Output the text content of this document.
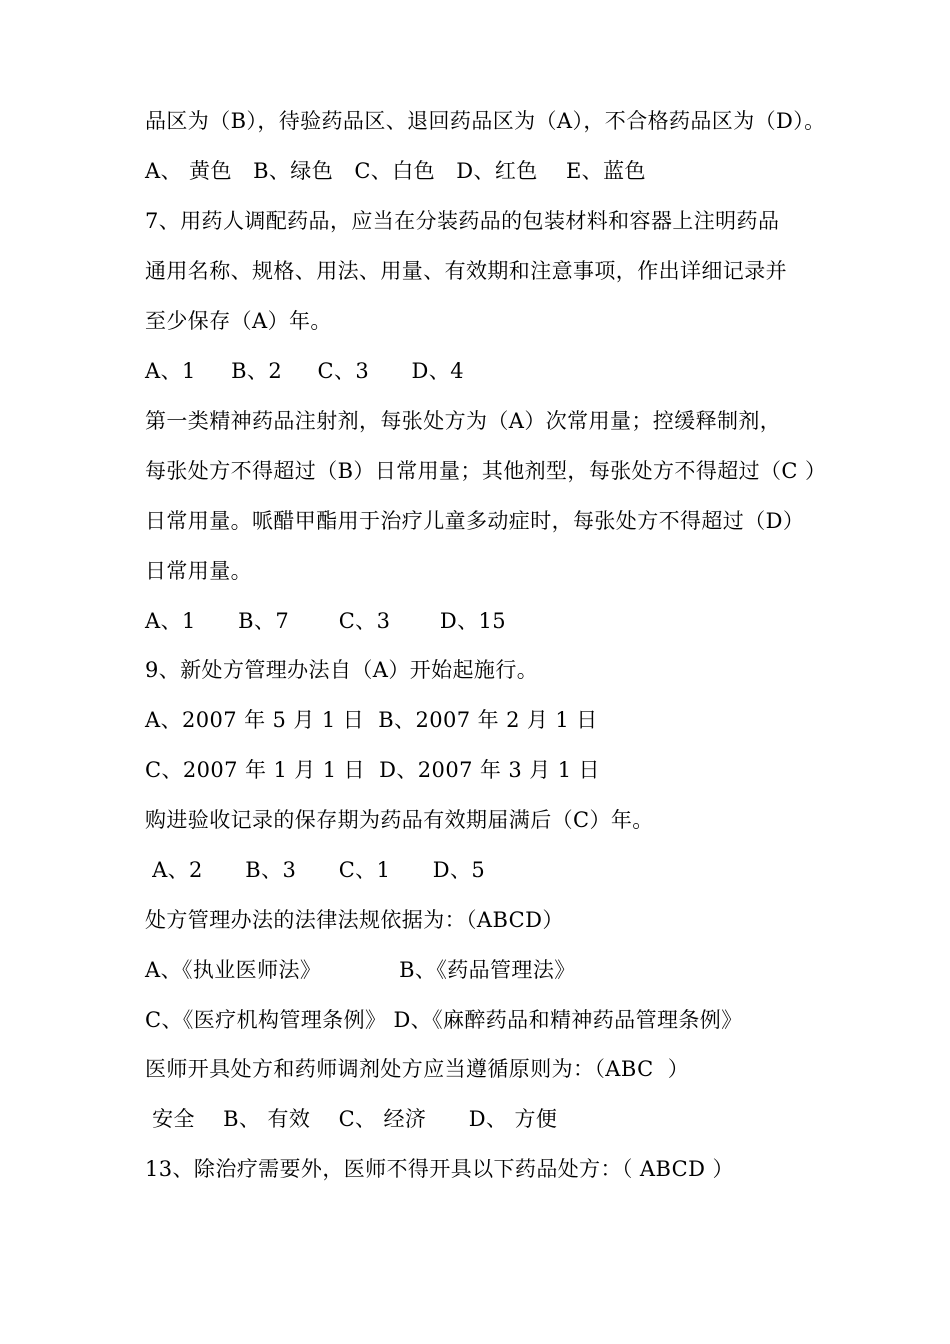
品区为（B），待验药品区、退回药品区为（A），不合格药品区为（D）。
A、 黄色   B、绿色   C、白色   D、红色    E、蓝色
7、用药人调配药品，应当在分装药品的包装材料和容器上注明药品
通用名称、规格、用法、用量、有效期和注意事项，作出详细记录并
至少保存（A）年。
A、1     B、2     C、3      D、4
第一类精神药品注射剂，每张处方为（A）次常用量；控缓释制剂，
每张处方不得超过（B）日常用量；其他剂型，每张处方不得超过（C ）
日常用量。哌醋甲酯用于治疗儿童多动症时，每张处方不得超过（D）
日常用量。
A、1      B、7       C、3       D、15
9、新处方管理办法自（A）开始起施行。
A、2007 年 5 月 1 日  B、2007 年 2 月 1 日
C、2007 年 1 月 1 日  D、2007 年 3 月 1 日
购进验收记录的保存期为药品有效期届满后（C）年。
A、2      B、3      C、1      D、5
处方管理办法的法律法规依据为：（ABCD）
A、《执业医师法》           B、《药品管理法》
C、《医疗机构管理条例》 D、《麻醉药品和精神药品管理条例》
医师开具处方和药师调剂处方应当遵循原则为：（ABC  ）
安全    B、 有效    C、 经济      D、 方便
13、除治疗需要外，医师不得开具以下药品处方：（ ABCD ）
